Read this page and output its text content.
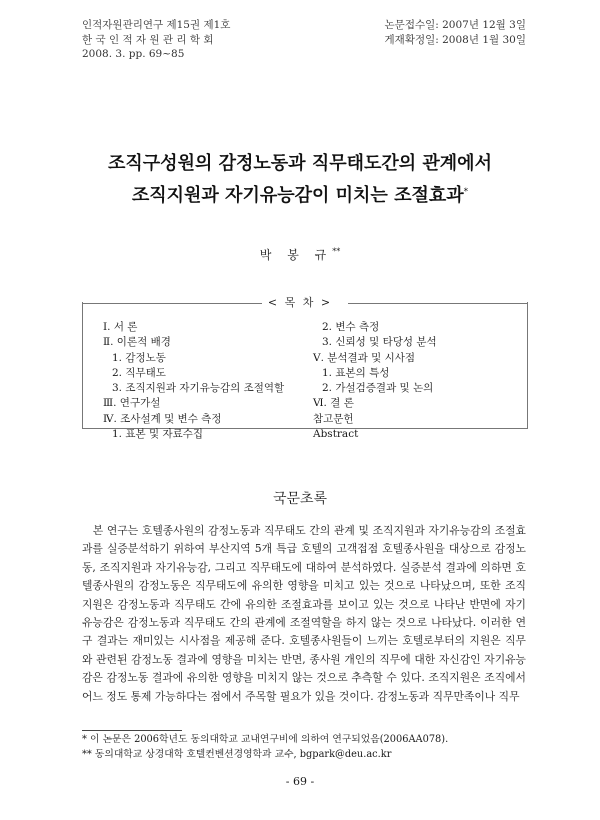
인적자원관리연구 제15권 제1호
한 국 인 적 자 원 관 리 학 회
2008. 3. pp. 69~85
논문접수일: 2007년 12월 3일
게재확정일: 2008년 1월 30일
조직구성원의 감정노동과 직무태도간의 관계에서
조직지원과 자기유능감이 미치는 조절효과*
박 봉 규**
< 목 차 >
Ⅰ. 서 론
Ⅱ. 이론적 배경
1. 감정노동
2. 직무태도
3. 조직지원과 자기유능감의 조절역할
Ⅲ. 연구가설
Ⅳ. 조사설계 및 변수 측정
1. 표본 및 자료수집
2. 변수 측정
3. 신뢰성 및 타당성 분석
Ⅴ. 분석결과 및 시사점
1. 표본의 특성
2. 가설검증결과 및 논의
Ⅵ. 결 론
참고문헌
Abstract
국문초록

본 연구는 호텔종사원의 감정노동과 직무태도 간의 관계 및 조직지원과 자기유능감의 조절효과를 실증분석하기 위하여 부산지역 5개 특급 호텔의 고객접점 호텔종사원을 대상으로 감정노동, 조직지원과 자기유능감, 그리고 직무태도에 대하여 분석하였다. 실증분석 결과에 의하면 호텔종사원의 감정노동은 직무태도에 유의한 영향을 미치고 있는 것으로 나타났으며, 또한 조직지원은 감정노동과 직무태도 간에 유의한 조절효과를 보이고 있는 것으로 나타난 반면에 자기유능감은 감정노동과 직무태도 간의 관계에 조절역할을 하지 않는 것으로 나타났다. 이러한 연구 결과는 재미있는 시사점을 제공해 준다. 호텔종사원들이 느끼는 호텔로부터의 지원은 직무와 관련된 감정노동 결과에 영향을 미치는 반면, 종사원 개인의 직무에 대한 자신감인 자기유능감은 감정노동 결과에 유의한 영향을 미치지 않는 것으로 추측할 수 있다. 조직지원은 조직에서 어느 정도 통제 가능하다는 점에서 주목할 필요가 있을 것이다. 감정노동과 직무만족이나 직무

* 이 논문은 2006학년도 동의대학교 교내연구비에 의하여 연구되었음(2006AA078).
** 동의대학교 상경대학 호텔컨벤션경영학과 교수, bgpark@deu.ac.kr
- 69 -
